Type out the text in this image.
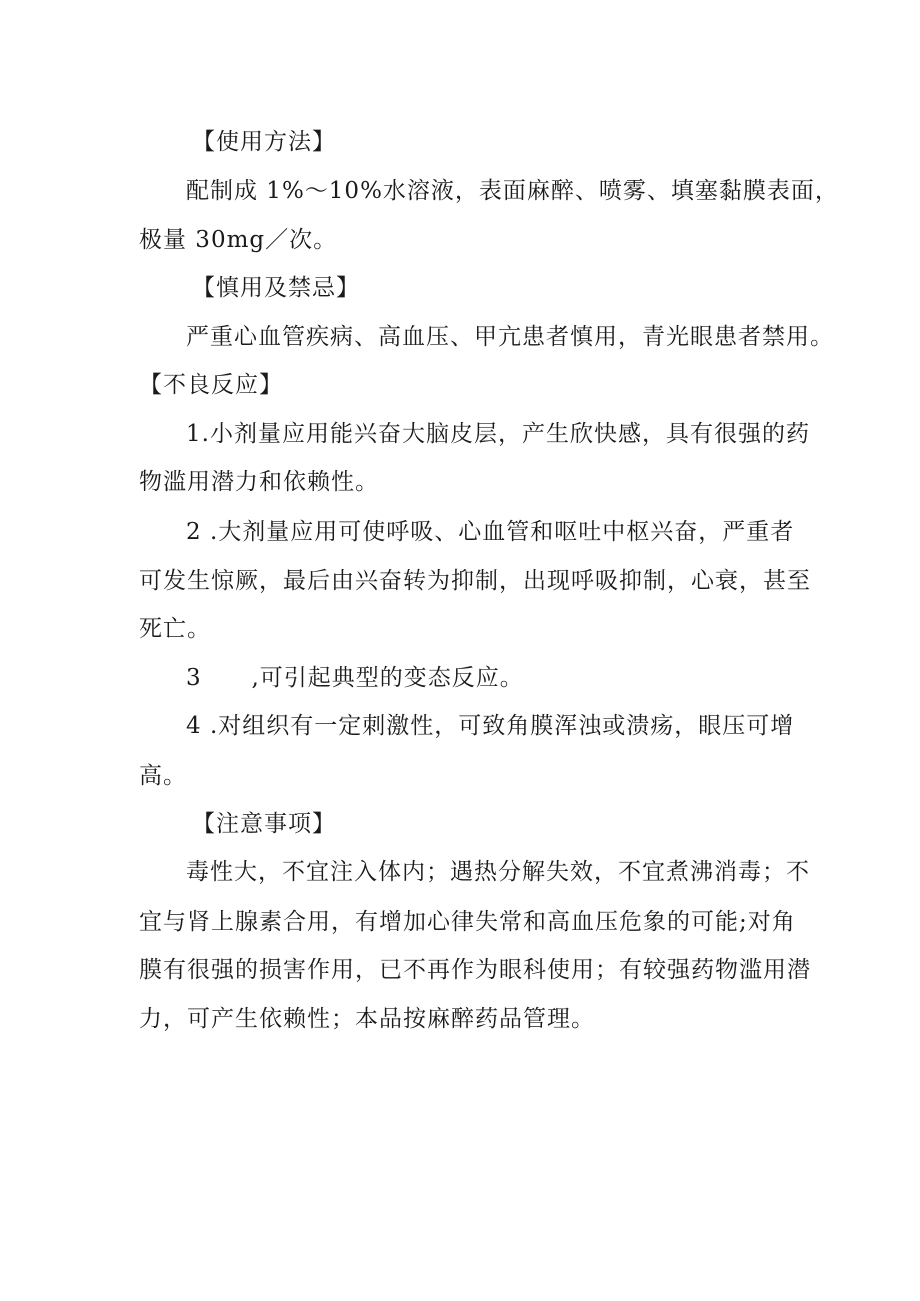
【使用方法】
配制成 1%～10%水溶液，表面麻醉、喷雾、填塞黏膜表面，
极量 30mg／次。
【慎用及禁忌】
严重心血管疾病、高血压、甲亢患者慎用，青光眼患者禁用。
【不良反应】
1.小剂量应用能兴奋大脑皮层，产生欣快感，具有很强的药
物滥用潜力和依赖性。
2 .大剂量应用可使呼吸、心血管和呕吐中枢兴奋，严重者
可发生惊厥，最后由兴奋转为抑制，出现呼吸抑制，心衰，甚至
死亡。
3      ,可引起典型的变态反应。
4 .对组织有一定刺激性，可致角膜浑浊或溃疡，眼压可增
高。
【注意事项】
毒性大，不宜注入体内；遇热分解失效，不宜煮沸消毒；不
宜与肾上腺素合用，有增加心律失常和高血压危象的可能;对角
膜有很强的损害作用，已不再作为眼科使用；有较强药物滥用潜
力，可产生依赖性；本品按麻醉药品管理。
